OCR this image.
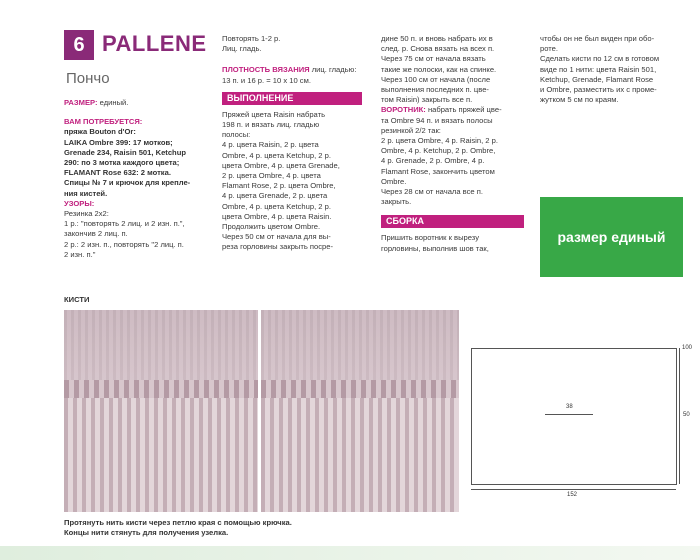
6 PALLENE
Пончо
РАЗМЕР: единый.
ВАМ ПОТРЕБУЕТСЯ:
пряжа Bouton d'Or:
LAIKA Ombre 399: 17 мотков;
Grenade 234, Raisin 501, Ketchup
290: по 3 мотка каждого цвета;
FLAMANT Rose 632: 2 мотка.
Спицы № 7 и крючок для крепле-
ния кистей.
УЗОРЫ:
Резинка 2x2:
1 р.: "повторять 2 лиц. и 2 изн. п.",
закончив 2 лиц. п.
2 р.: 2 изн. п., повторять "2 лиц. п.
2 изн. п."
Повторять 1-2 р.
Лиц. гладь.
ПЛОТНОСТЬ ВЯЗАНИЯ лиц. гладью:
13 п. и 16 р. = 10 x 10 см.
ВЫПОЛНЕНИЕ
Пряжей цвета Raisin набрать
198 п. и вязать лиц. гладью
полосы:
4 р. цвета Raisin, 2 р. цвета
Ombre, 4 р. цвета Ketchup, 2 р.
цвета Ombre, 4 р. цвета Grenade,
2 р. цвета Ombre, 4 р. цвета
Flamant Rose, 2 р. цвета Ombre,
4 р. цвета Grenade, 2 р. цвета
Ombre, 4 р. цвета Ketchup, 2 р.
цвета Ombre, 4 р. цвета Raisin.
Продолжить цветом Ombre.
Через 50 см от начала для вы-
реза горловины закрыть посре-
дине 50 п. и вновь набрать их в
след. р. Снова вязать на всех п.
Через 75 см от начала вязать
такие же полоски, как на спинке.
Через 100 см от начала (после
выполнения последних п. цве-
том Raisin) закрыть все п.
ВОРОТНИК: набрать пряжей цве-
та Ombre 94 п. и вязать полосы
резинкой 2/2 так:
2 р. цвета Ombre, 4 р. Raisin, 2 р.
Ombre, 4 р. Ketchup, 2 р. Ombre,
4 р. Grenade, 2 р. Ombre, 4 р.
Flamant Rose, закончить цветом
Ombre.
Через 28 см от начала все п.
закрыть.
СБОРКА
Пришить воротник к вырезу
горловины, выполнив шов так,
чтобы он не был виден при обо-
роте.
Сделать кисти по 12 см в готовом
виде по 1 нити: цвета Raisin 501,
Ketchup, Grenade, Flamant Rose
и Ombre, разместить их с проме-
жутком 5 см по краям.
размер единый
КИСТИ
Протянуть нить кисти через петлю края с помощью крючка.
Концы нити стянуть для получения узелка.
38
152
100
50
